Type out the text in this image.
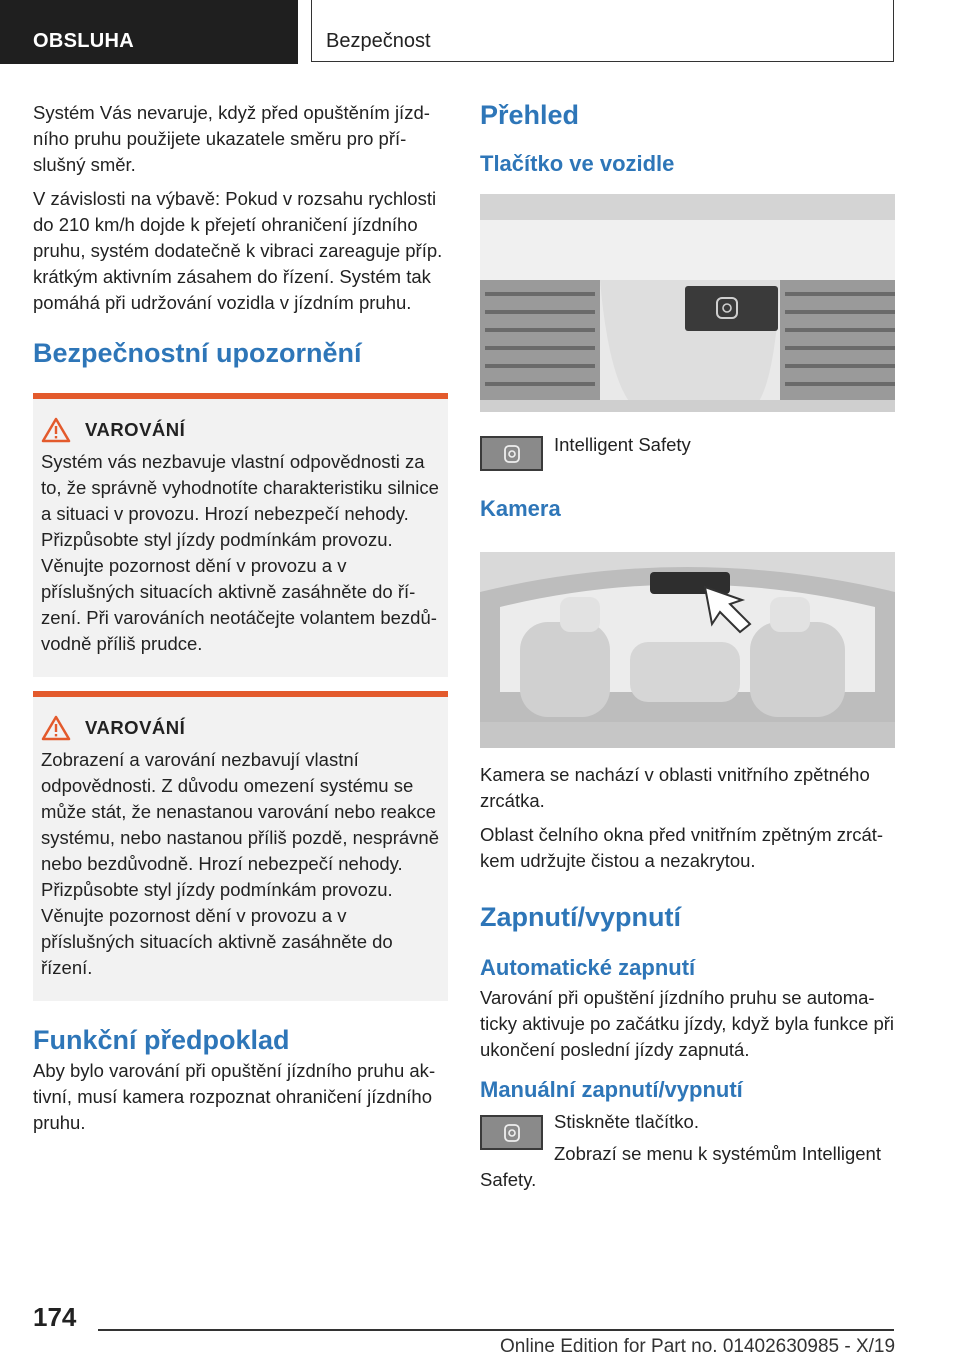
OBSLUHA	Bezpečnost

Systém Vás nevaruje, když před opuštěním jízdního pruhu použijete ukazatele směru pro příslušný směr.

V závislosti na výbavě: Pokud v rozsahu rychlosti do 210 km/h dojde k přejetí ohraničení jízdního pruhu, systém dodatečně k vibraci zareaguje příp. krátkým aktivním zásahem do řízení. Systém tak pomáhá při udržování vozidla v jízdním pruhu.

Bezpečnostní upozornění
VAROVÁNÍ

Systém vás nezbavuje vlastní odpovědnosti za to, že správně vyhodnotíte charakteristiku silnice a situaci v provozu. Hrozí nebezpečí nehody. Přizpůsobte styl jízdy podmínkám provozu. Věnujte pozornost dění v provozu a v příslušných situacích aktivně zasáhněte do řízení. Při varováních neotáčejte volantem bezdůvodně příliš prudce.

VAROVÁNÍ

Zobrazení a varování nezbavují vlastní odpovědnosti. Z důvodu omezení systému se může stát, že nenastanou varování nebo reakce systému, nebo nastanou příliš pozdě, nesprávně nebo bezdůvodně. Hrozí nebezpečí nehody. Přizpůsobte styl jízdy podmínkám provozu. Věnujte pozornost dění v provozu a v příslušných situacích aktivně zasáhněte do řízení.

Funkční předpoklad

Aby bylo varování při opuštění jízdního pruhu aktivní, musí kamera rozpoznat ohraničení jízdního pruhu.

Přehled
Tlačítko ve vozidle

Intelligent Safety

Kamera

Kamera se nachází v oblasti vnitřního zpětného zrcátka.

Oblast čelního okna před vnitřním zpětným zrcátkem udržujte čistou a nezakrytou.

Zapnutí/vypnutí
Automatické zapnutí

Varování při opuštění jízdního pruhu se automaticky aktivuje po začátku jízdy, když byla funkce při ukončení poslední jízdy zapnutá.

Manuální zapnutí/vypnutí

Stiskněte tlačítko.

Zobrazí se menu k systémům Intelligent Safety.

174
Online Edition for Part no. 01402630985 - X/19
